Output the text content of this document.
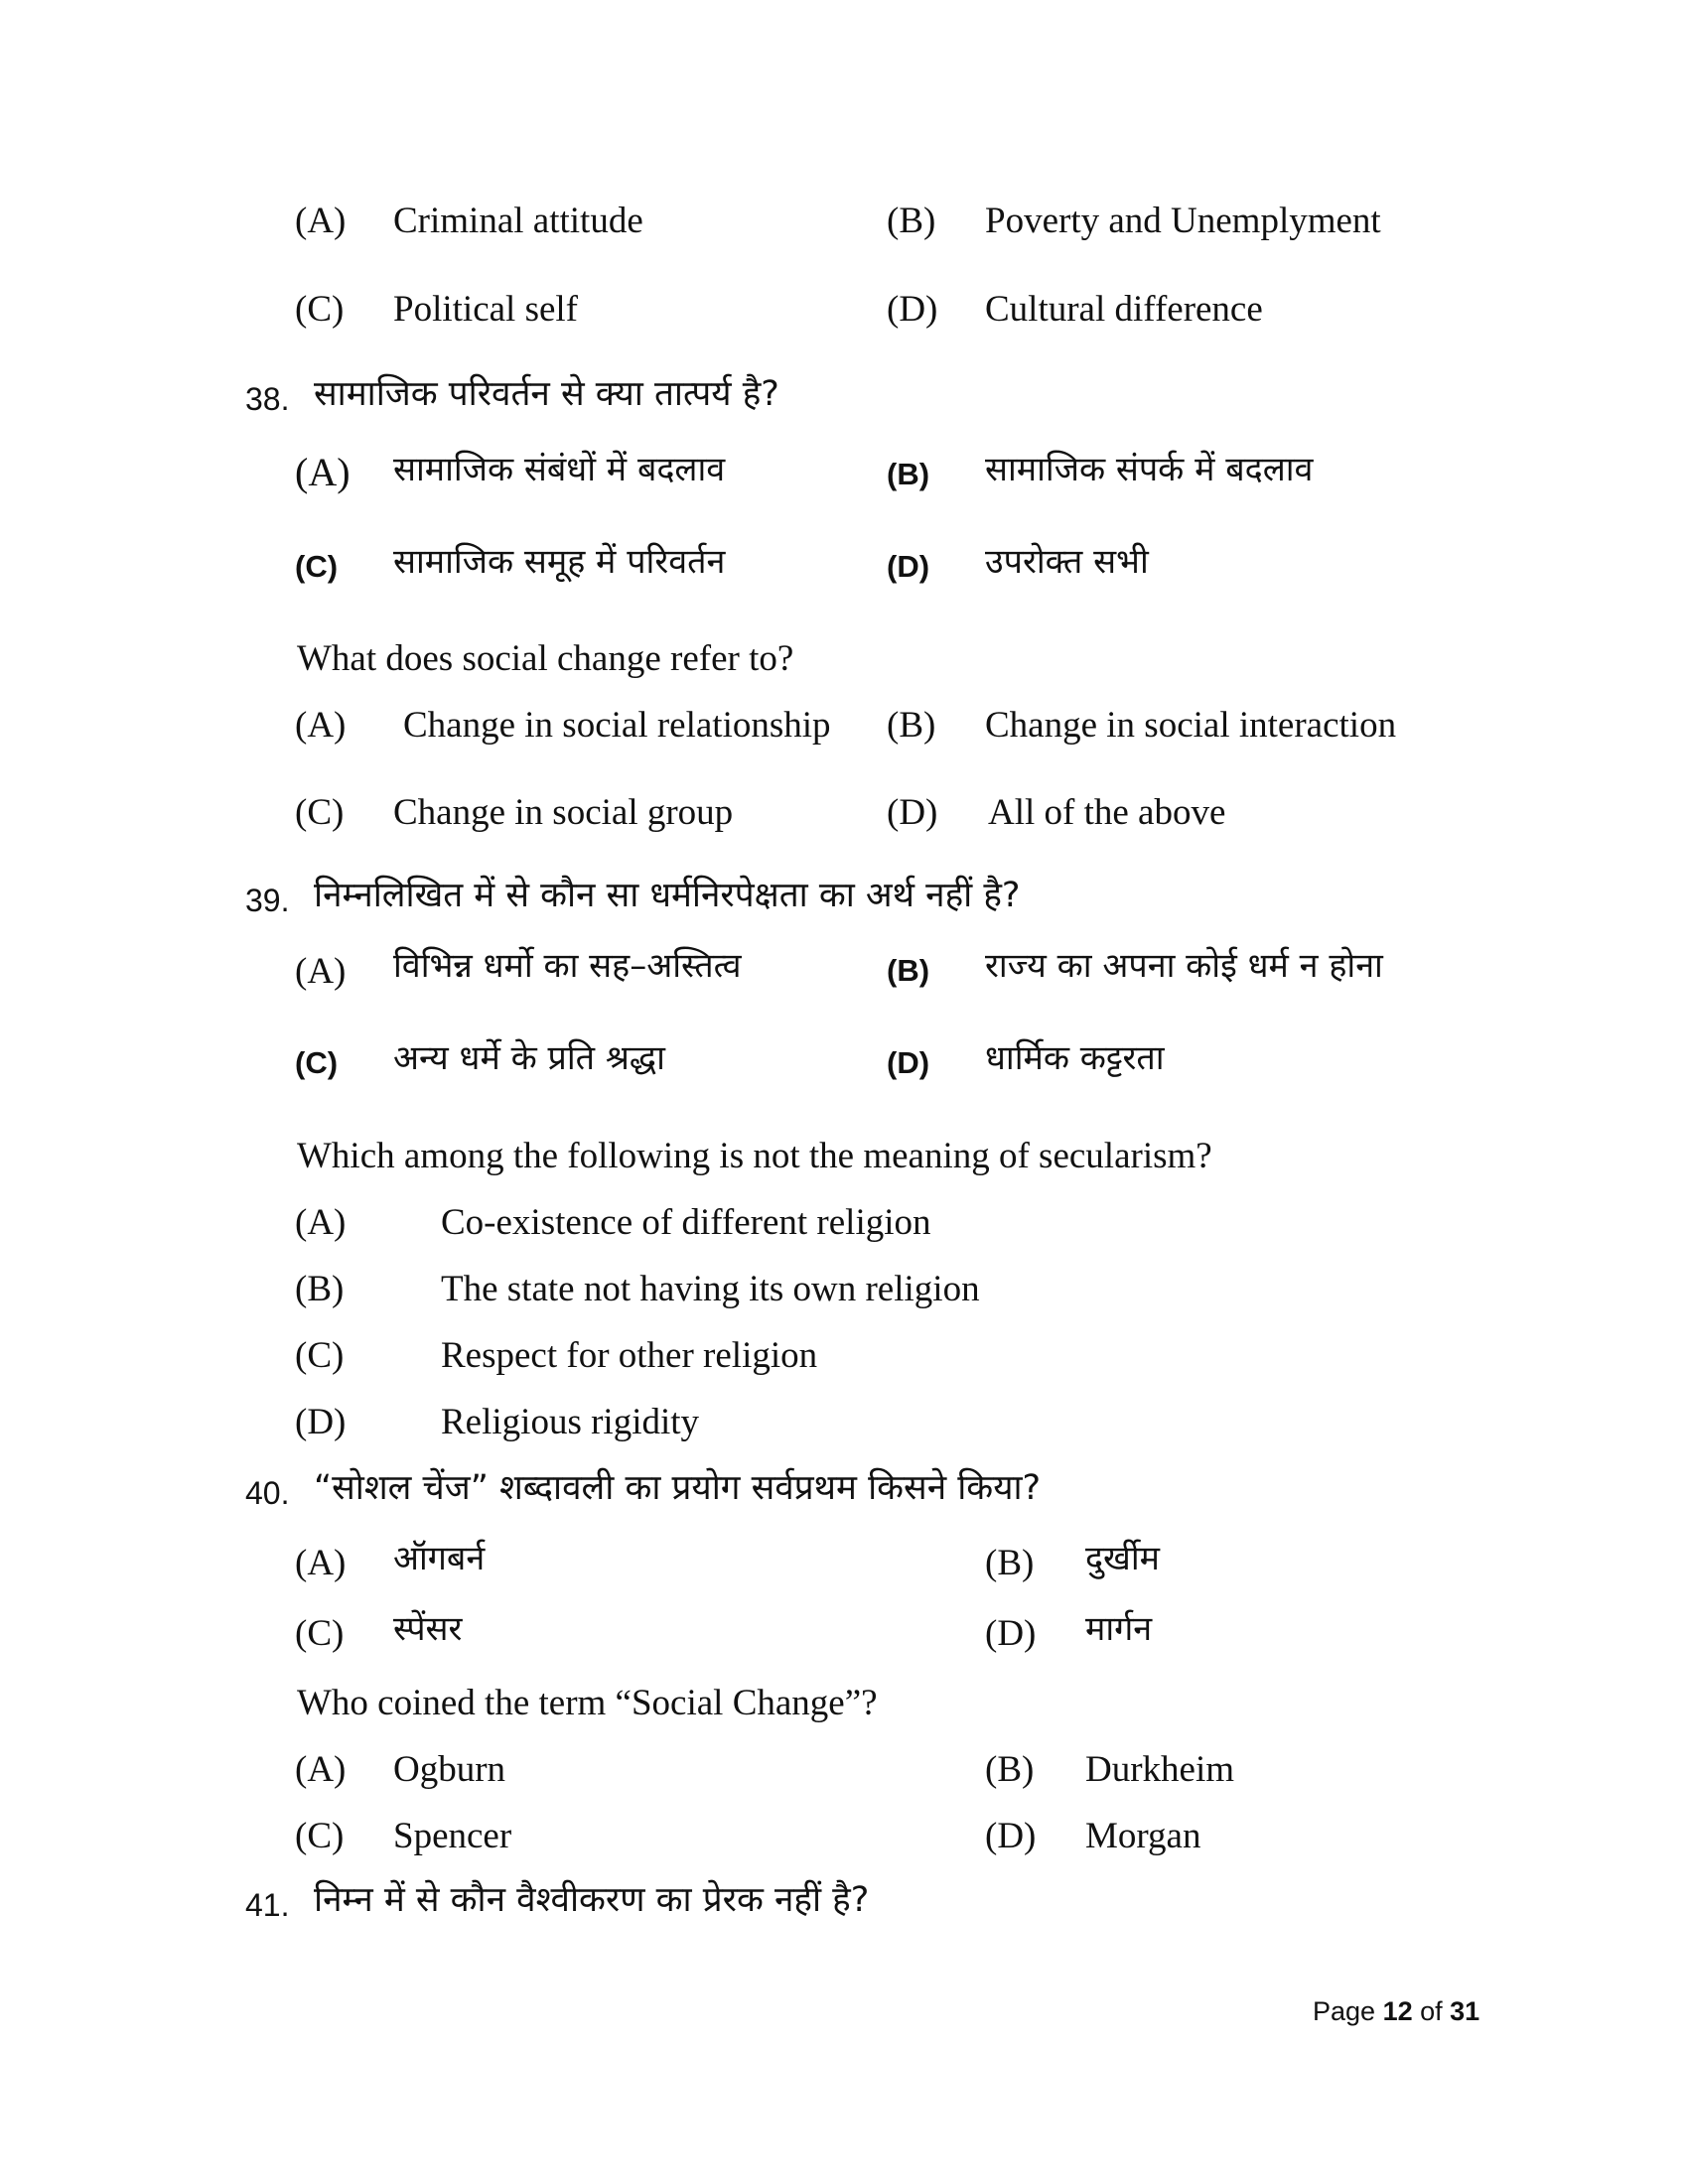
(A) Criminal attitude	(B) Poverty and Unemplyment
(C) Political self	(D) Cultural difference
38. सामाजिक परिवर्तन से क्या तात्पर्य है?
(A) सामाजिक संबंधों में बदलाव	(B) सामाजिक संपर्क में बदलाव
(C) सामाजिक समूह में परिवर्तन	(D) उपरोक्त सभी
What does social change refer to?
(A) Change in social relationship (B) Change in social interaction
(C) Change in social group	(D) All of the above
39. निम्नलिखित में से कौन सा धर्मनिरपेक्षता का अर्थ नहीं है?
(A) विभिन्न धर्मो का सह–अस्तित्व	(B) राज्य का अपना कोई धर्म न होना
(C) अन्य धर्मे के प्रति श्रद्धा	(D) धार्मिक कट्टरता
Which among the following is not the meaning of secularism?
(A)	Co-existence of different religion
(B)	The state not having its own religion
(C)	Respect for other religion
(D)	Religious rigidity
40. “सोशल चेंज” शब्दावली का प्रयोग सर्वप्रथम किसने किया?
(A) ऑगबर्न	(B) दुर्खीम
(C) स्पेंसर	(D) मार्गन
Who coined the term “Social Change”?
(A) Ogburn	(B) Durkheim
(C) Spencer	(D) Morgan
41. निम्न में से कौन वैश्वीकरण का प्रेरक नहीं है?
Page 12 of 31
